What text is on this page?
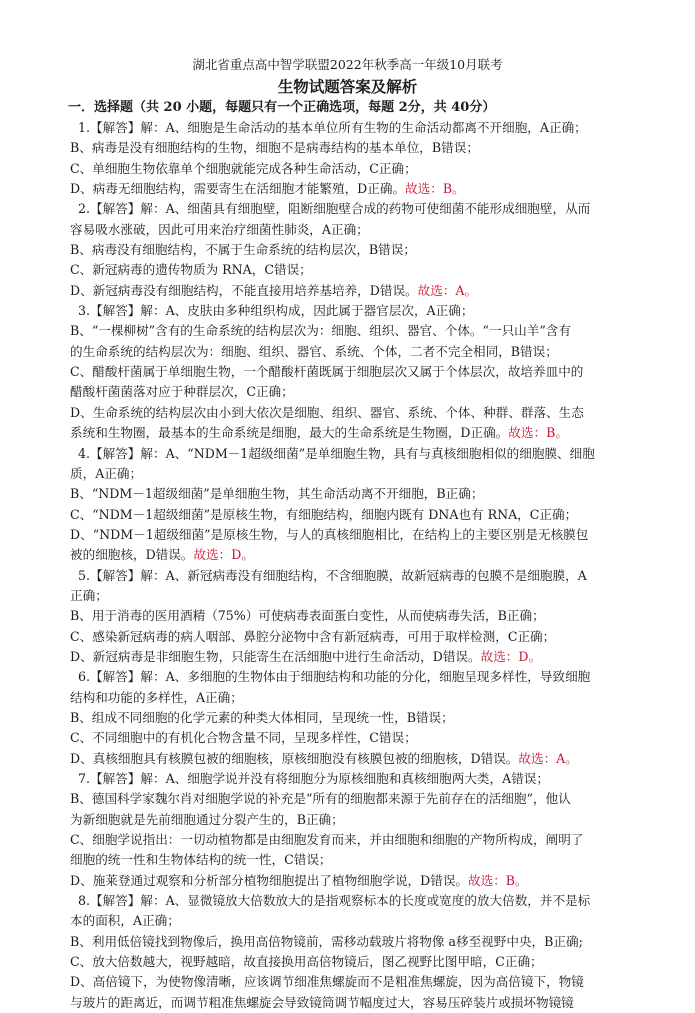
湖北省重点高中智学联盟2022年秋季高一年级10月联考
生物试题答案及解析
一．选择题（共 20 小题，每题只有一个正确选项，每题 2分，共 40分）
1.【解答】解：A、细胞是生命活动的基本单位所有生物的生命活动都离不开细胞，A正确；
B、病毒是没有细胞结构的生物，细胞不是病毒结构的基本单位，B错误；
C、单细胞生物依靠单个细胞就能完成各种生命活动，C正确；
D、病毒无细胞结构，需要寄生在活细胞才能繁殖，D正确。故选：B。
2.【解答】解：A、细菌具有细胞壁，阻断细胞壁合成的药物可使细菌不能形成细胞壁，从而
容易吸水涨破，因此可用来治疗细菌性肺炎，A正确；
B、病毒没有细胞结构，不属于生命系统的结构层次，B错误；
C、新冠病毒的遗传物质为 RNA，C错误；
D、新冠病毒没有细胞结构，不能直接用培养基培养，D错误。故选：A。
3.【解答】解：A、皮肤由多种组织构成，因此属于器官层次，A正确；
B、“一棵柳树”含有的生命系统的结构层次为：细胞、组织、器官、个体。“一只山羊”含有
的生命系统的结构层次为：细胞、组织、器官、系统、个体，二者不完全相同，B错误；
C、醋酸杆菌属于单细胞生物，一个醋酸杆菌既属于细胞层次又属于个体层次，故培养皿中的
醋酸杆菌菌落对应于种群层次，C正确；
D、生命系统的结构层次由小到大依次是细胞、组织、器官、系统、个体、种群、群落、生态
系统和生物圈，最基本的生命系统是细胞，最大的生命系统是生物圈，D正确。故选：B。
4.【解答】解：A、“NDM－1超级细菌”是单细胞生物，具有与真核细胞相似的细胞膜、细胞
质，A正确；
B、“NDM－1超级细菌”是单细胞生物，其生命活动离不开细胞，B正确；
C、“NDM－1超级细菌”是原核生物，有细胞结构，细胞内既有 DNA也有 RNA，C正确；
D、“NDM－1超级细菌”是原核生物，与人的真核细胞相比，在结构上的主要区别是无核膜包
被的细胞核，D错误。故选：D。
5.【解答】解：A、新冠病毒没有细胞结构，不含细胞膜，故新冠病毒的包膜不是细胞膜，A
正确；
B、用于消毒的医用酒精（75%）可使病毒表面蛋白变性，从而使病毒失活，B正确；
C、感染新冠病毒的病人咽部、鼻腔分泌物中含有新冠病毒，可用于取样检测，C正确；
D、新冠病毒是非细胞生物，只能寄生在活细胞中进行生命活动，D错误。故选：D。
6.【解答】解：A、多细胞的生物体由于细胞结构和功能的分化，细胞呈现多样性，导致细胞
结构和功能的多样性，A正确；
B、组成不同细胞的化学元素的种类大体相同，呈现统一性，B错误；
C、不同细胞中的有机化合物含量不同，呈现多样性，C错误；
D、真核细胞具有核膜包被的细胞核，原核细胞没有核膜包被的细胞核，D错误。故选：A。
7.【解答】解：A、细胞学说并没有将细胞分为原核细胞和真核细胞两大类，A错误；
B、德国科学家魏尔肖对细胞学说的补充是“所有的细胞都来源于先前存在的活细胞“，他认
为新细胞就是先前细胞通过分裂产生的，B正确；
C、细胞学说指出：一切动植物都是由细胞发育而来，并由细胞和细胞的产物所构成，阐明了
细胞的统一性和生物体结构的统一性，C错误；
D、施莱登通过观察和分析部分植物细胞提出了植物细胞学说，D错误。故选：B。
8.【解答】解：A、显微镜放大倍数放大的是指观察标本的长度或宽度的放大倍数，并不是标
本的面积，A正确；
B、利用低倍镜找到物像后，换用高倍物镜前，需移动载玻片将物像 a移至视野中央，B正确;
C、放大倍数越大，视野越暗，故直接换用高倍物镜后，图乙视野比图甲暗，C正确；
D、高倍镜下，为使物像清晰，应该调节细准焦螺旋而不是粗准焦螺旋，因为高倍镜下，物镜
与玻片的距离近，而调节粗准焦螺旋会导致镜筒调节幅度过大，容易压碎装片或损坏物镜镜
